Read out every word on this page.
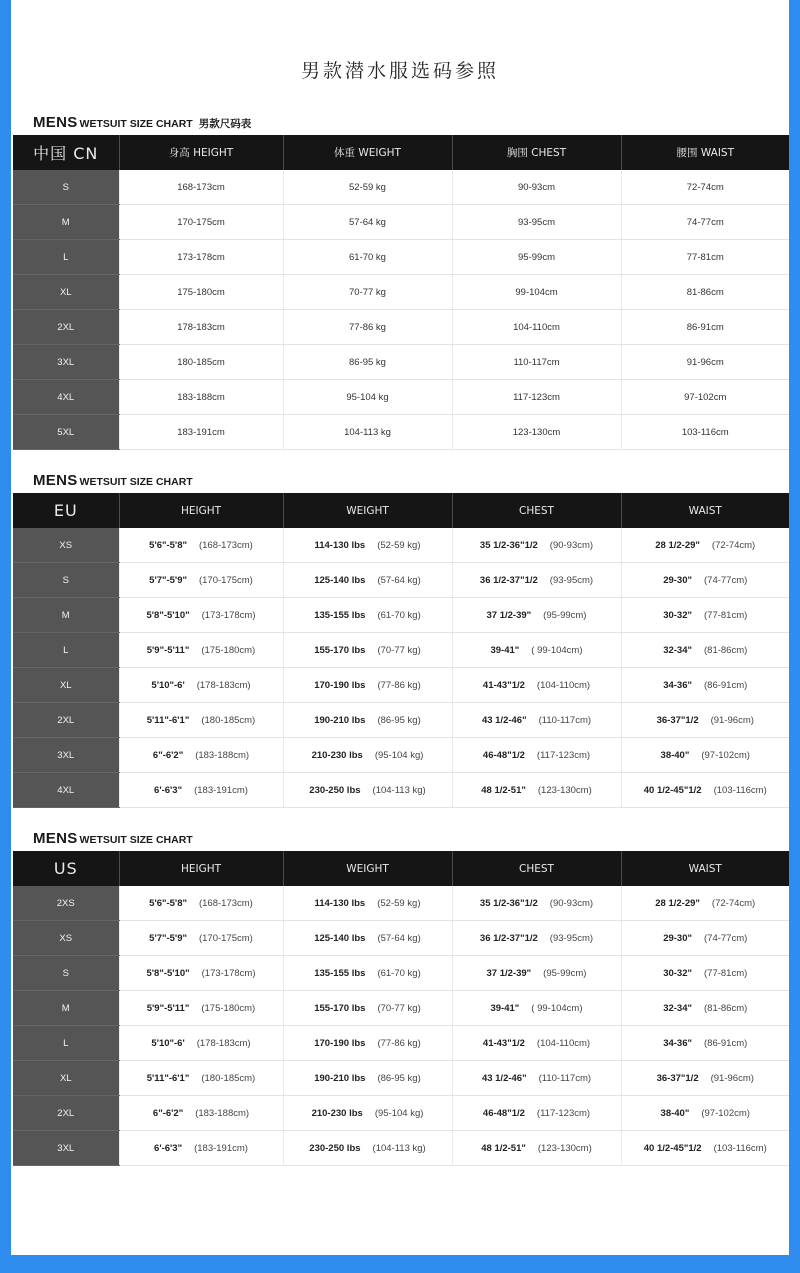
男款潜水服选码参照
MENS WETSUIT SIZE CHART 男款尺码表
中国 CN	身高 HEIGHT	体重 WEIGHT	胸围 CHEST	腰围 WAIST
S	168-173cm	52-59 kg	90-93cm	72-74cm
M	170-175cm	57-64 kg	93-95cm	74-77cm
L	173-178cm	61-70 kg	95-99cm	77-81cm
XL	175-180cm	70-77 kg	99-104cm	81-86cm
2XL	178-183cm	77-86 kg	104-110cm	86-91cm
3XL	180-185cm	86-95 kg	110-117cm	91-96cm
4XL	183-188cm	95-104 kg	117-123cm	97-102cm
5XL	183-191cm	104-113 kg	123-130cm	103-116cm
MENS WETSUIT SIZE CHART
EU	HEIGHT	WEIGHT	CHEST	WAIST
XS	5'6"-5'8" (168-173cm)	114-130 lbs (52-59 kg)	35 1/2-36"1/2 (90-93cm)	28 1/2-29" (72-74cm)
S	5'7"-5'9" (170-175cm)	125-140 lbs (57-64 kg)	36 1/2-37"1/2 (93-95cm)	29-30" (74-77cm)
M	5'8"-5'10" (173-178cm)	135-155 lbs (61-70 kg)	37 1/2-39" (95-99cm)	30-32" (77-81cm)
L	5'9"-5'11" (175-180cm)	155-170 lbs (70-77 kg)	39-41" ( 99-104cm)	32-34" (81-86cm)
XL	5'10"-6' (178-183cm)	170-190 lbs (77-86 kg)	41-43"1/2 (104-110cm)	34-36" (86-91cm)
2XL	5'11"-6'1" (180-185cm)	190-210 lbs (86-95 kg)	43 1/2-46" (110-117cm)	36-37"1/2 (91-96cm)
3XL	6"-6'2" (183-188cm)	210-230 lbs (95-104 kg)	46-48"1/2 (117-123cm)	38-40" (97-102cm)
4XL	6'-6'3" (183-191cm)	230-250 lbs (104-113 kg)	48 1/2-51" (123-130cm)	40 1/2-45"1/2 (103-116cm)
MENS WETSUIT SIZE CHART
US	HEIGHT	WEIGHT	CHEST	WAIST
2XS	5'6"-5'8" (168-173cm)	114-130 lbs (52-59 kg)	35 1/2-36"1/2 (90-93cm)	28 1/2-29" (72-74cm)
XS	5'7"-5'9" (170-175cm)	125-140 lbs (57-64 kg)	36 1/2-37"1/2 (93-95cm)	29-30" (74-77cm)
S	5'8"-5'10" (173-178cm)	135-155 lbs (61-70 kg)	37 1/2-39" (95-99cm)	30-32" (77-81cm)
M	5'9"-5'11" (175-180cm)	155-170 lbs (70-77 kg)	39-41" ( 99-104cm)	32-34" (81-86cm)
L	5'10"-6' (178-183cm)	170-190 lbs (77-86 kg)	41-43"1/2 (104-110cm)	34-36" (86-91cm)
XL	5'11"-6'1" (180-185cm)	190-210 lbs (86-95 kg)	43 1/2-46" (110-117cm)	36-37"1/2 (91-96cm)
2XL	6"-6'2" (183-188cm)	210-230 lbs (95-104 kg)	46-48"1/2 (117-123cm)	38-40" (97-102cm)
3XL	6'-6'3" (183-191cm)	230-250 lbs (104-113 kg)	48 1/2-51" (123-130cm)	40 1/2-45"1/2 (103-116cm)
